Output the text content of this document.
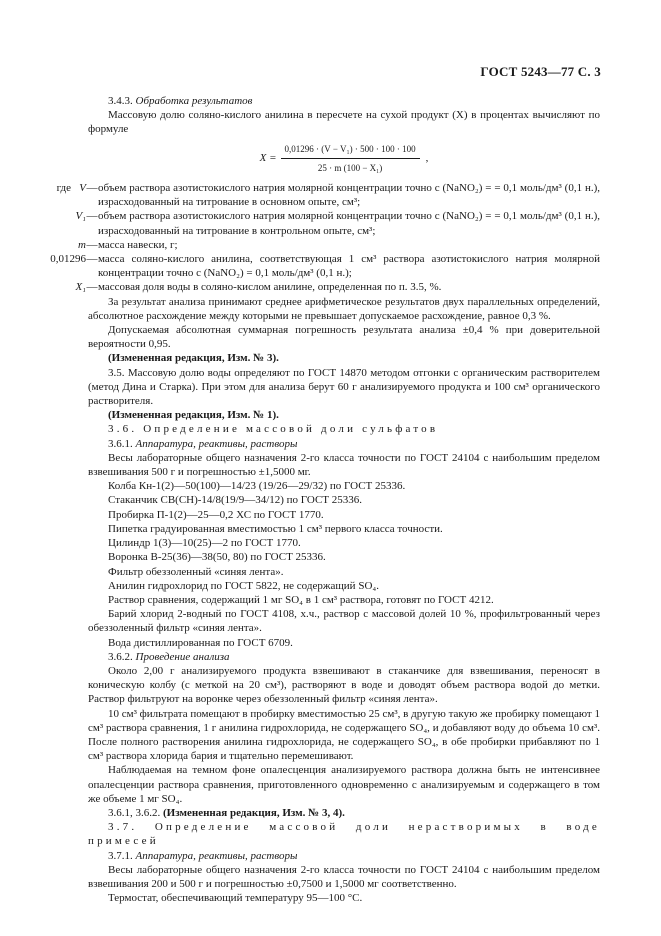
ГОСТ 5243—77 С. 3

3.4.3. Обработка результатов

Массовую долю соляно-кислого анилина в пересчете на сухой продукт (X) в процентах вычисляют по формуле

$X = \frac{\text{0,01296 · (V − V₁) · 500 · 100 · 100}}{\text{25 · m (100 − X₁)}}$ ,
где V — объем раствора азотистокислого натрия молярной концентрации точно c (NaNO₂) = = 0,1 моль/дм³ (0,1 н.), израсходованный на титрование в основном опыте, см³;
V₁ — объем раствора азотистокислого натрия молярной концентрации точно c (NaNO₂) = = 0,1 моль/дм³ (0,1 н.), израсходованный на титрование в контрольном опыте, см³;
m — масса навески, г;
0,01296 — масса солянo-кислого анилина, соответствующая 1 см³ раствора азотистокислого натрия молярной концентрации точно c (NaNO₂) = 0,1 моль/дм³ (0,1 н.);
X₁ — массовая доля воды в солянo-кислом анилине, определенная по п. 3.5, %.

За результат анализа принимают среднее арифметическое результатов двух параллельных определений, абсолютное расхождение между которыми не превышает допускаемое расхождение, равное 0,3 %.

Допускаемая абсолютная суммарная погрешность результата анализа ±0,4 % при доверительной вероятности 0,95.

(Измененная редакция, Изм. № 3).

3.5. Массовую долю воды определяют по ГОСТ 14870 методом отгонки с органическим растворителем (метод Дина и Старка). При этом для анализа берут 60 г анализируемого продукта и 100 см³ органического растворителя.

(Измененная редакция, Изм. № 1).

3.6. Определение массовой доли сульфатов

3.6.1. Аппаратура, реактивы, растворы

Весы лабораторные общего назначения 2-го класса точности по ГОСТ 24104 с наибольшим пределом взвешивания 500 г и погрешностью ±1,5000 мг.

Колба Кн-1(2)—50(100)—14/23 (19/26—29/32) по ГОСТ 25336.

Стаканчик СВ(СН)-14/8(19/9—34/12) по ГОСТ 25336.

Пробирка П-1(2)—25—0,2 ХС по ГОСТ 1770.

Пипетка градуированная вместимостью 1 см³ первого класса точности.

Цилиндр 1(3)—10(25)—2 по ГОСТ 1770.

Воронка В-25(36)—38(50, 80) по ГОСТ 25336.

Фильтр обеззоленный «синяя лента».

Анилин гидрохлорид по ГОСТ 5822, не содержащий SO₄.

Раствор сравнения, содержащий 1 мг SO₄ в 1 см³ раствора, готовят по ГОСТ 4212.

Барий хлорид 2-водный по ГОСТ 4108, х.ч., раствор с массовой долей 10 %, профильтрованный через обеззоленный фильтр «синяя лента».

Вода дистиллированная по ГОСТ 6709.

3.6.2. Проведение анализа

Около 2,00 г анализируемого продукта взвешивают в стаканчике для взвешивания, переносят в коническую колбу (с меткой на 20 см³), растворяют в воде и доводят объем раствора водой до метки. Раствор фильтруют на воронке через обеззоленный фильтр «синяя лента».

10 см³ фильтрата помещают в пробирку вместимостью 25 см³, в другую такую же пробирку помещают 1 см³ раствора сравнения, 1 г анилина гидрохлорида, не содержащего SO₄, и добавляют воду до объема 10 см³. После полного растворения анилина гидрохлорида, не содержащего SO₄, в обе пробирки прибавляют по 1 см³ раствора хлорида бария и тщательно перемешивают.

Наблюдаемая на темном фоне опалесценция анализируемого раствора должна быть не интенсивнее опалесценции раствора сравнения, приготовленного одновременно с анализируемым и содержащего в том же объеме 1 мг SO₄.

3.6.1, 3.6.2. (Измененная редакция, Изм. № 3, 4).

3.7. Определение массовой доли нерастворимых в воде примесей

3.7.1. Аппаратура, реактивы, растворы

Весы лабораторные общего назначения 2-го класса точности по ГОСТ 24104 с наибольшим пределом взвешивания 200 и 500 г и погрешностью ±0,7500 и 1,5000 мг соответственно.

Термостат, обеспечивающий температуру 95—100 °С.
